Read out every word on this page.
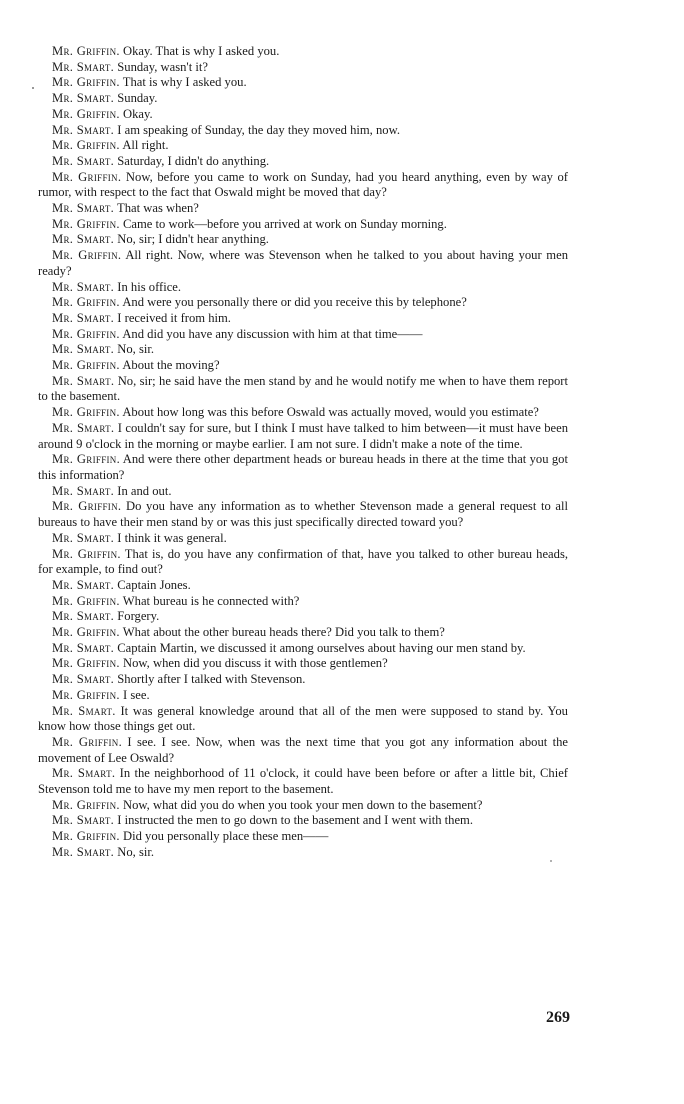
Mr. Griffin. Okay. That is why I asked you.

Mr. Smart. Sunday, wasn't it?

Mr. Griffin. That is why I asked you.

Mr. Smart. Sunday.

Mr. Griffin. Okay.

Mr. Smart. I am speaking of Sunday, the day they moved him, now.

Mr. Griffin. All right.

Mr. Smart. Saturday, I didn't do anything.

Mr. Griffin. Now, before you came to work on Sunday, had you heard anything, even by way of rumor, with respect to the fact that Oswald might be moved that day?

Mr. Smart. That was when?

Mr. Griffin. Came to work—before you arrived at work on Sunday morning.

Mr. Smart. No, sir; I didn't hear anything.

Mr. Griffin. All right. Now, where was Stevenson when he talked to you about having your men ready?

Mr. Smart. In his office.

Mr. Griffin. And were you personally there or did you receive this by telephone?

Mr. Smart. I received it from him.

Mr. Griffin. And did you have any discussion with him at that time——

Mr. Smart. No, sir.

Mr. Griffin. About the moving?

Mr. Smart. No, sir; he said have the men stand by and he would notify me when to have them report to the basement.

Mr. Griffin. About how long was this before Oswald was actually moved, would you estimate?

Mr. Smart. I couldn't say for sure, but I think I must have talked to him between—it must have been around 9 o'clock in the morning or maybe earlier. I am not sure. I didn't make a note of the time.

Mr. Griffin. And were there other department heads or bureau heads in there at the time that you got this information?

Mr. Smart. In and out.

Mr. Griffin. Do you have any information as to whether Stevenson made a general request to all bureaus to have their men stand by or was this just specifically directed toward you?

Mr. Smart. I think it was general.

Mr. Griffin. That is, do you have any confirmation of that, have you talked to other bureau heads, for example, to find out?

Mr. Smart. Captain Jones.

Mr. Griffin. What bureau is he connected with?

Mr. Smart. Forgery.

Mr. Griffin. What about the other bureau heads there? Did you talk to them?

Mr. Smart. Captain Martin, we discussed it among ourselves about having our men stand by.

Mr. Griffin. Now, when did you discuss it with those gentlemen?

Mr. Smart. Shortly after I talked with Stevenson.

Mr. Griffin. I see.

Mr. Smart. It was general knowledge around that all of the men were supposed to stand by. You know how those things get out.

Mr. Griffin. I see. I see. Now, when was the next time that you got any information about the movement of Lee Oswald?

Mr. Smart. In the neighborhood of 11 o'clock, it could have been before or after a little bit, Chief Stevenson told me to have my men report to the basement.

Mr. Griffin. Now, what did you do when you took your men down to the basement?

Mr. Smart. I instructed the men to go down to the basement and I went with them.

Mr. Griffin. Did you personally place these men——

Mr. Smart. No, sir.

269
